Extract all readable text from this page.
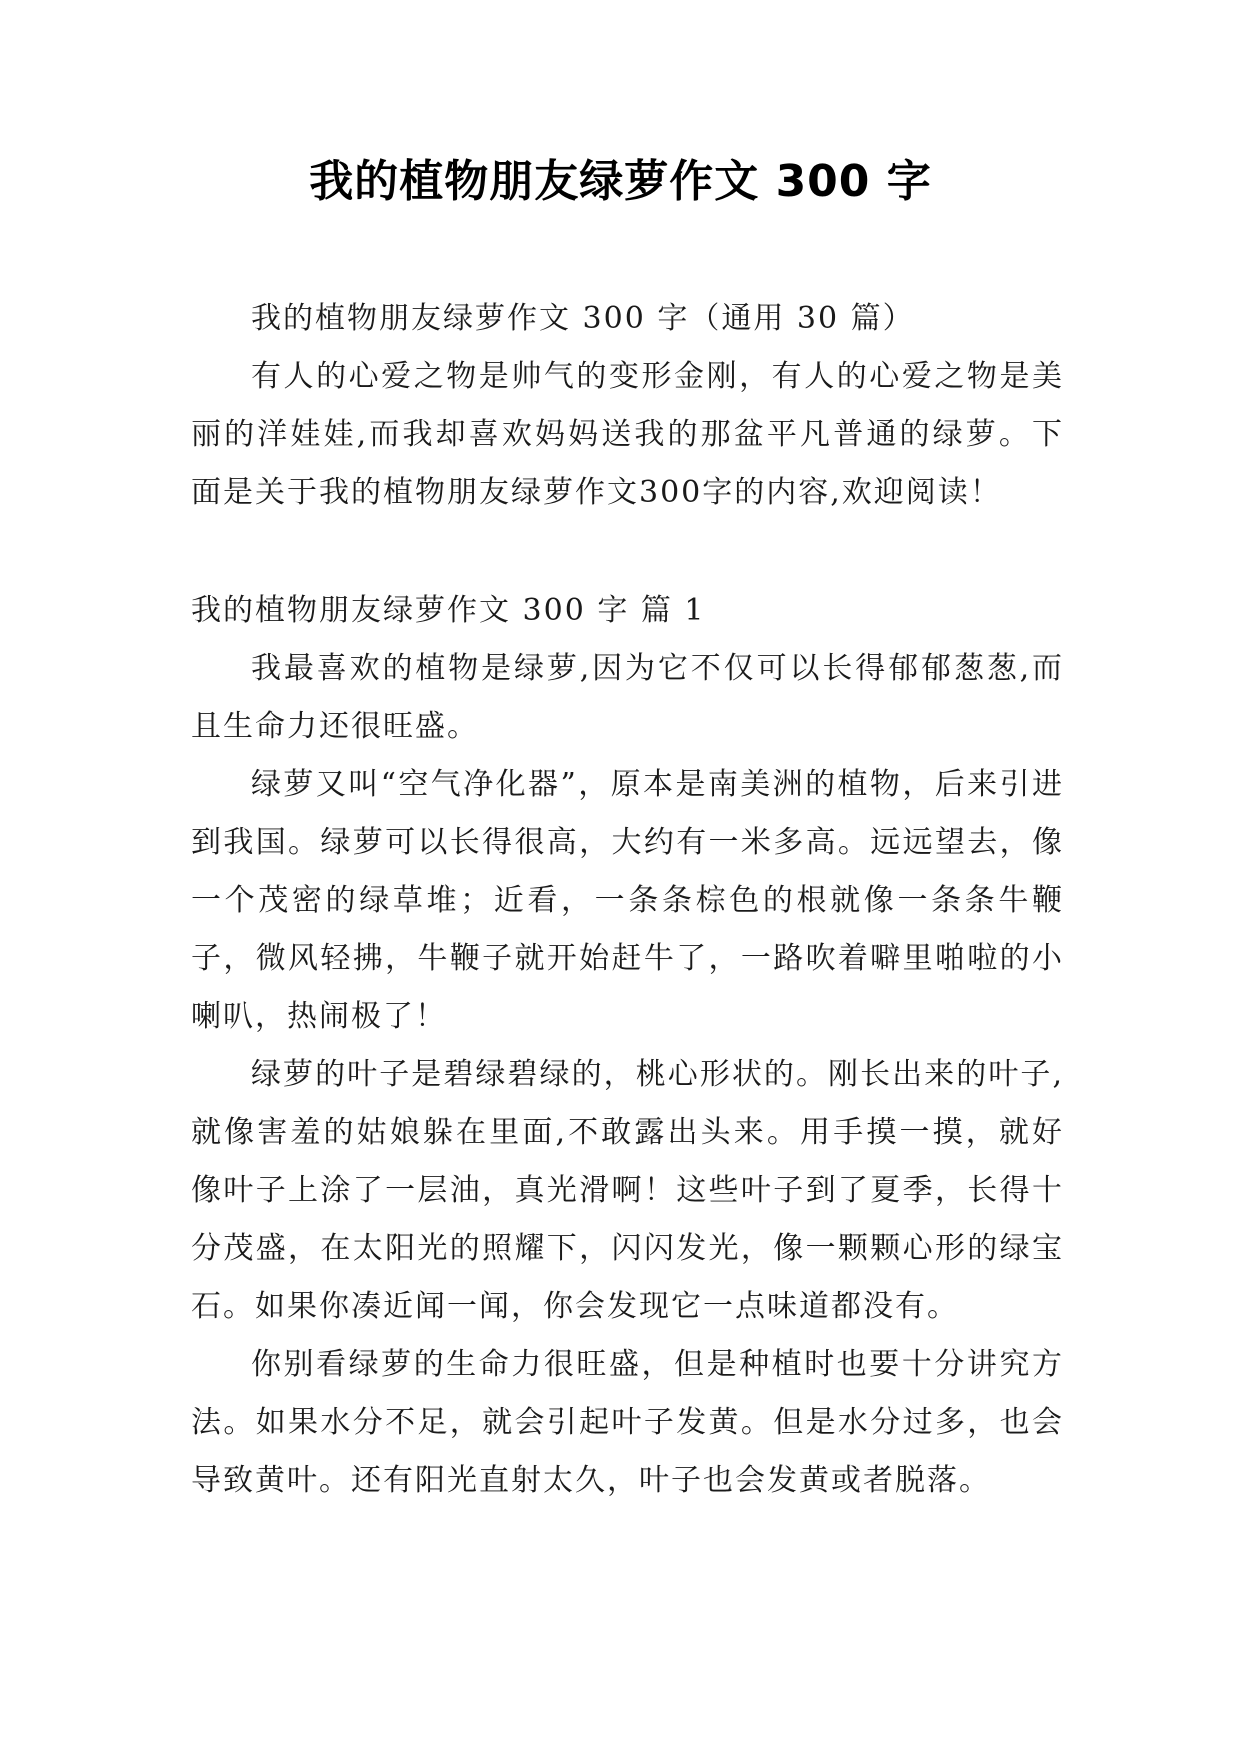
我的植物朋友绿萝作文 300 字

我的植物朋友绿萝作文 300 字（通用 30 篇）

有人的心爱之物是帅气的变形金刚，有人的心爱之物是美丽的洋娃娃,而我却喜欢妈妈送我的那盆平凡普通的绿萝。下面是关于我的植物朋友绿萝作文300字的内容,欢迎阅读！

我的植物朋友绿萝作文 300 字 篇 1

我最喜欢的植物是绿萝,因为它不仅可以长得郁郁葱葱,而且生命力还很旺盛。

绿萝又叫“空气净化器”，原本是南美洲的植物，后来引进到我国。绿萝可以长得很高，大约有一米多高。远远望去，像一个茂密的绿草堆；近看，一条条棕色的根就像一条条牛鞭子，微风轻拂，牛鞭子就开始赶牛了，一路吹着噼里啪啦的小喇叭，热闹极了！

绿萝的叶子是碧绿碧绿的，桃心形状的。刚长出来的叶子,就像害羞的姑娘躲在里面,不敢露出头来。用手摸一摸，就好像叶子上涂了一层油，真光滑啊！这些叶子到了夏季，长得十分茂盛，在太阳光的照耀下，闪闪发光，像一颗颗心形的绿宝石。如果你凑近闻一闻，你会发现它一点味道都没有。

你别看绿萝的生命力很旺盛，但是种植时也要十分讲究方法。如果水分不足，就会引起叶子发黄。但是水分过多，也会导致黄叶。还有阳光直射太久，叶子也会发黄或者脱落。
